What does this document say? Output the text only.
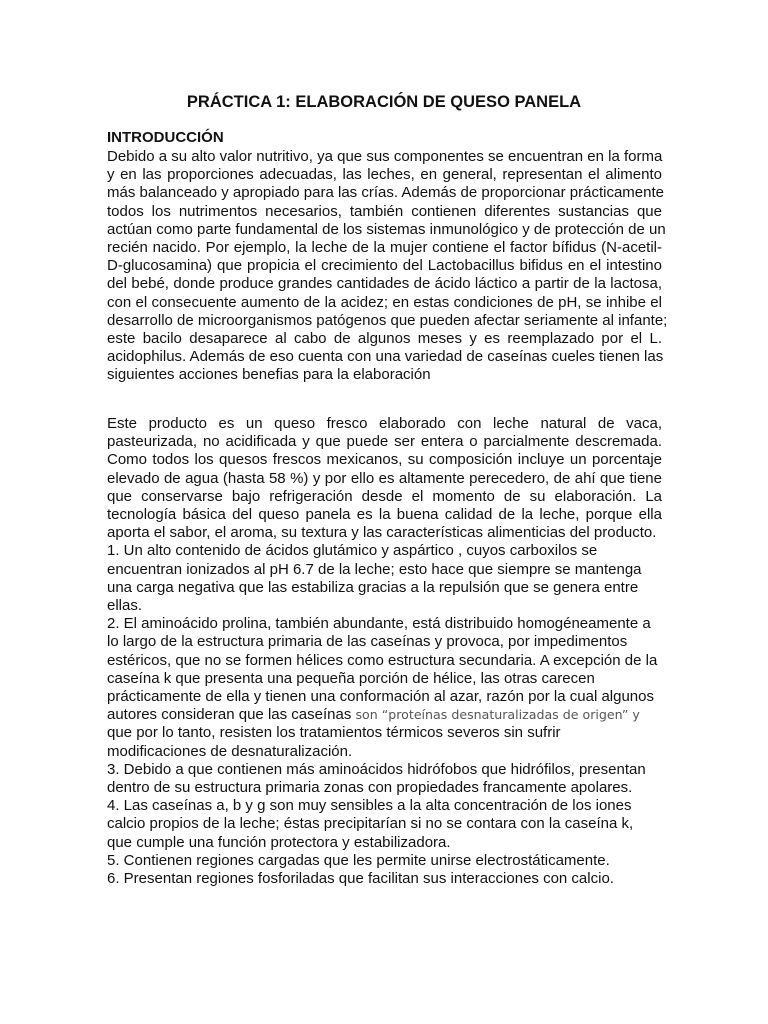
PRÁCTICA 1: ELABORACIÓN DE QUESO PANELA
INTRODUCCIÓN
Debido a su alto valor nutritivo, ya que sus componentes se encuentran en la forma
y en las proporciones adecuadas, las leches, en general, representan el alimento
más balanceado y apropiado para las crías. Además de proporcionar prácticamente
todos los nutrimentos necesarios, también contienen diferentes sustancias que
actúan como parte fundamental de los sistemas inmunológico y de protección de un
recién nacido. Por ejemplo, la leche de la mujer contiene el factor bífidus (N-acetil-
D-glucosamina) que propicia el crecimiento del Lactobacillus bifidus en el intestino
del bebé, donde produce grandes cantidades de ácido láctico a partir de la lactosa,
con el consecuente aumento de la acidez; en estas condiciones de pH, se inhibe el
desarrollo de microorganismos patógenos que pueden afectar seriamente al infante;
este bacilo desaparece al cabo de algunos meses y es reemplazado por el L.
acidophilus. Además de eso cuenta con una variedad de caseínas cueles tienen las
siguientes acciones benefias para la elaboración
Este producto es un queso fresco elaborado con leche natural de vaca,
pasteurizada, no acidificada y que puede ser entera o parcialmente descremada.
Como todos los quesos frescos mexicanos, su composición incluye un porcentaje
elevado de agua (hasta 58 %) y por ello es altamente perecedero, de ahí que tiene
que conservarse bajo refrigeración desde el momento de su elaboración. La
tecnología básica del queso panela es la buena calidad de la leche, porque ella
aporta el sabor, el aroma, su textura y las características alimenticias del producto.
1. Un alto contenido de ácidos glutámico y aspártico , cuyos carboxilos se
encuentran ionizados al pH 6.7 de la leche; esto hace que siempre se mantenga
una carga negativa que las estabiliza gracias a la repulsión que se genera entre
ellas.
2. El aminoácido prolina, también abundante, está distribuido homogéneamente a
lo largo de la estructura primaria de las caseínas y provoca, por impedimentos
estéricos, que no se formen hélices como estructura secundaria. A excepción de la
caseína k que presenta una pequeña porción de hélice, las otras carecen
prácticamente de ella y tienen una conformación al azar, razón por la cual algunos
autores consideran que las caseínas son “proteínas desnaturalizadas de origen” y
que por lo tanto, resisten los tratamientos térmicos severos sin sufrir
modificaciones de desnaturalización.
3. Debido a que contienen más aminoácidos hidrófobos que hidrófilos, presentan
dentro de su estructura primaria zonas con propiedades francamente apolares.
4. Las caseínas a, b y g son muy sensibles a la alta concentración de los iones
calcio propios de la leche; éstas precipitarían si no se contara con la caseína k,
que cumple una función protectora y estabilizadora.
5. Contienen regiones cargadas que les permite unirse electrostáticamente.
6. Presentan regiones fosforiladas que facilitan sus interacciones con calcio.
